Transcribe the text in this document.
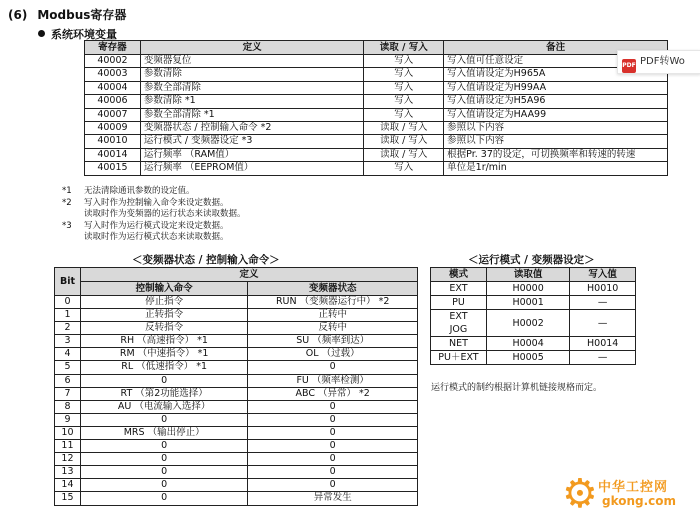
(6) Modbus寄存器
系统环境变量
寄存器	定义	读取 / 写入	备注
40002	变频器复位	写入	写入值可任意设定
40003	参数清除	写入	写入值请设定为H965A
40004	参数全部清除	写入	写入值请设定为H99AA
40006	参数清除 *1	写入	写入值请设定为H5A96
40007	参数全部清除 *1	写入	写入值请设定为HAA99
40009	变频器状态 / 控制输入命令 *2	读取 / 写入	参照以下内容
40010	运行模式 / 变频器设定 *3	读取 / 写入	参照以下内容
40014	运行频率 （RAM值）	读取 / 写入	根据Pr. 37的设定，可切换频率和转速的转速
40015	运行频率 （EEPROM值）	写入	单位是1r/min
*1 无法清除通讯参数的设定值。
*2 写入时作为控制输入命令来设定数据。
读取时作为变频器的运行状态来读取数据。
*3 写入时作为运行模式设定来设定数据。
读取时作为运行模式状态来读取数据。
＜变频器状态 / 控制输入命令＞	＜运行模式 / 变频器设定＞
Bit	定义	
	控制输入命令	变频器状态
0	停止指令	RUN （变频器运行中） *2
1	正转指令	正转中
2	反转指令	反转中
3	RH （高速指令） *1	SU （频率到达）
4	RM （中速指令） *1	OL （过载）
5	RL （低速指令） *1	0
6	0	FU （频率检测）
7	RT （第2功能选择）	ABC （异常） *2
8	AU （电流输入选择）	0
9	0	0
10	MRS （输出停止）	0
11	0	0
12	0	0
13	0	0
14	0	0
15	0	异常发生
模式	读取值	写入值

EXT	H0000	H0010

PU	H0001	—

EXT
JOG	H0002	—

NET	H0004	H0014

PU＋EXT	H0005	—
运行模式的制约根据计算机链接规格而定。
PDF PDF转Wo
⚙ 中华工控网
gkong.com
